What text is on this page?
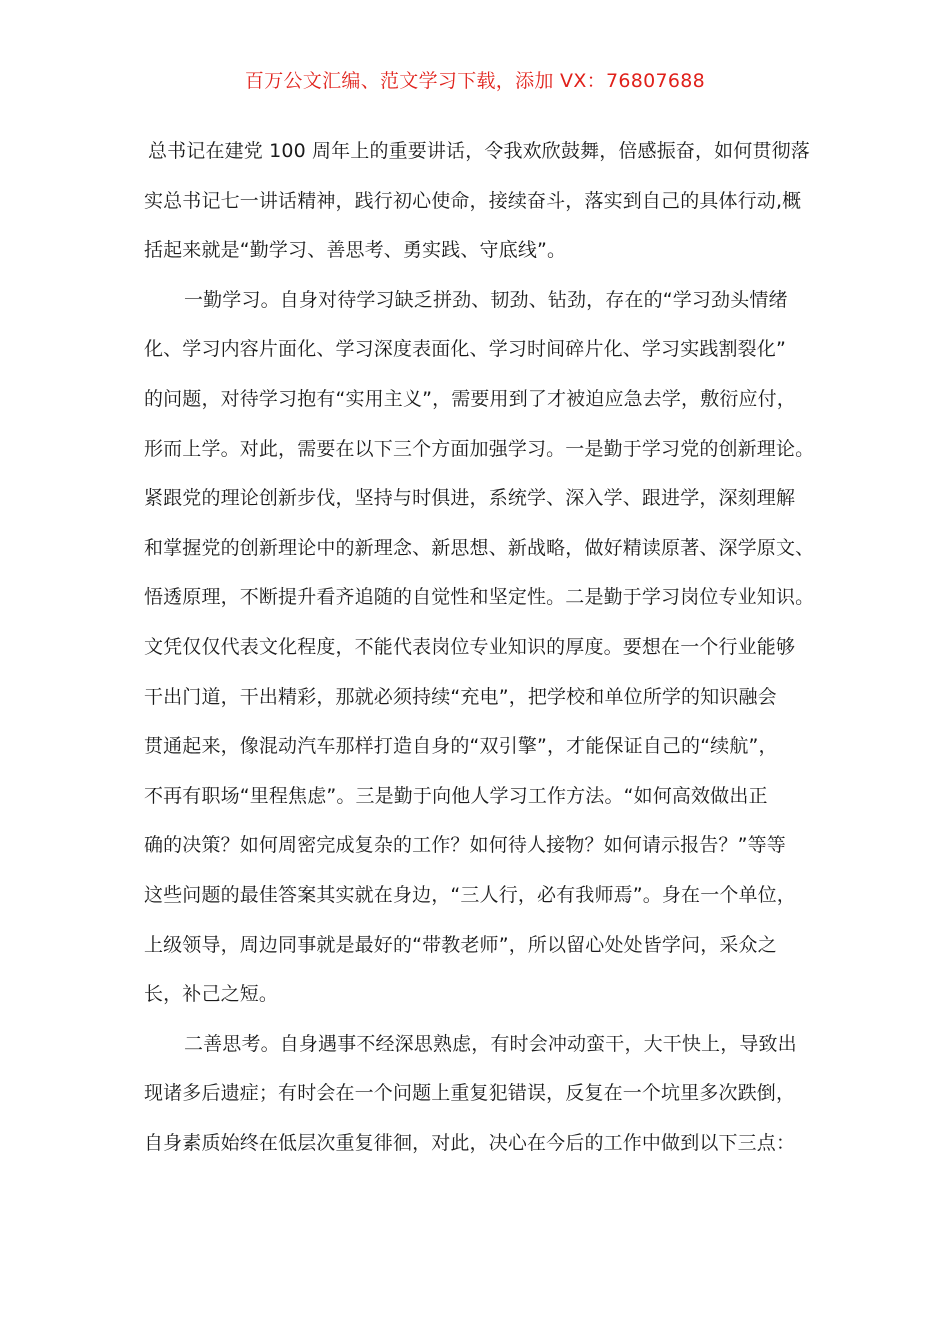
百万公文汇编、范文学习下载，添加 VX：76807688
总书记在建党 100 周年上的重要讲话，令我欢欣鼓舞，倍感振奋，如何贯彻落
实总书记七一讲话精神，践行初心使命，接续奋斗，落实到自己的具体行动,概
括起来就是“勤学习、善思考、勇实践、守底线”。
一勤学习。自身对待学习缺乏拼劲、韧劲、钻劲，存在的“学习劲头情绪
化、学习内容片面化、学习深度表面化、学习时间碎片化、学习实践割裂化”
的问题，对待学习抱有“实用主义”，需要用到了才被迫应急去学，敷衍应付，
形而上学。对此，需要在以下三个方面加强学习。一是勤于学习党的创新理论。
紧跟党的理论创新步伐，坚持与时俱进，系统学、深入学、跟进学，深刻理解
和掌握党的创新理论中的新理念、新思想、新战略，做好精读原著、深学原文、
悟透原理，不断提升看齐追随的自觉性和坚定性。二是勤于学习岗位专业知识。
文凭仅仅代表文化程度，不能代表岗位专业知识的厚度。要想在一个行业能够
干出门道，干出精彩，那就必须持续“充电”，把学校和单位所学的知识融会
贯通起来，像混动汽车那样打造自身的“双引擎”，才能保证自己的“续航”，
不再有职场“里程焦虑”。三是勤于向他人学习工作方法。“如何高效做出正
确的决策？如何周密完成复杂的工作？如何待人接物？如何请示报告？”等等
这些问题的最佳答案其实就在身边，“三人行，必有我师焉”。身在一个单位，
上级领导，周边同事就是最好的“带教老师”，所以留心处处皆学问，采众之
长，补己之短。
二善思考。自身遇事不经深思熟虑，有时会冲动蛮干，大干快上，导致出
现诸多后遗症；有时会在一个问题上重复犯错误，反复在一个坑里多次跌倒，
自身素质始终在低层次重复徘徊，对此，决心在今后的工作中做到以下三点：
